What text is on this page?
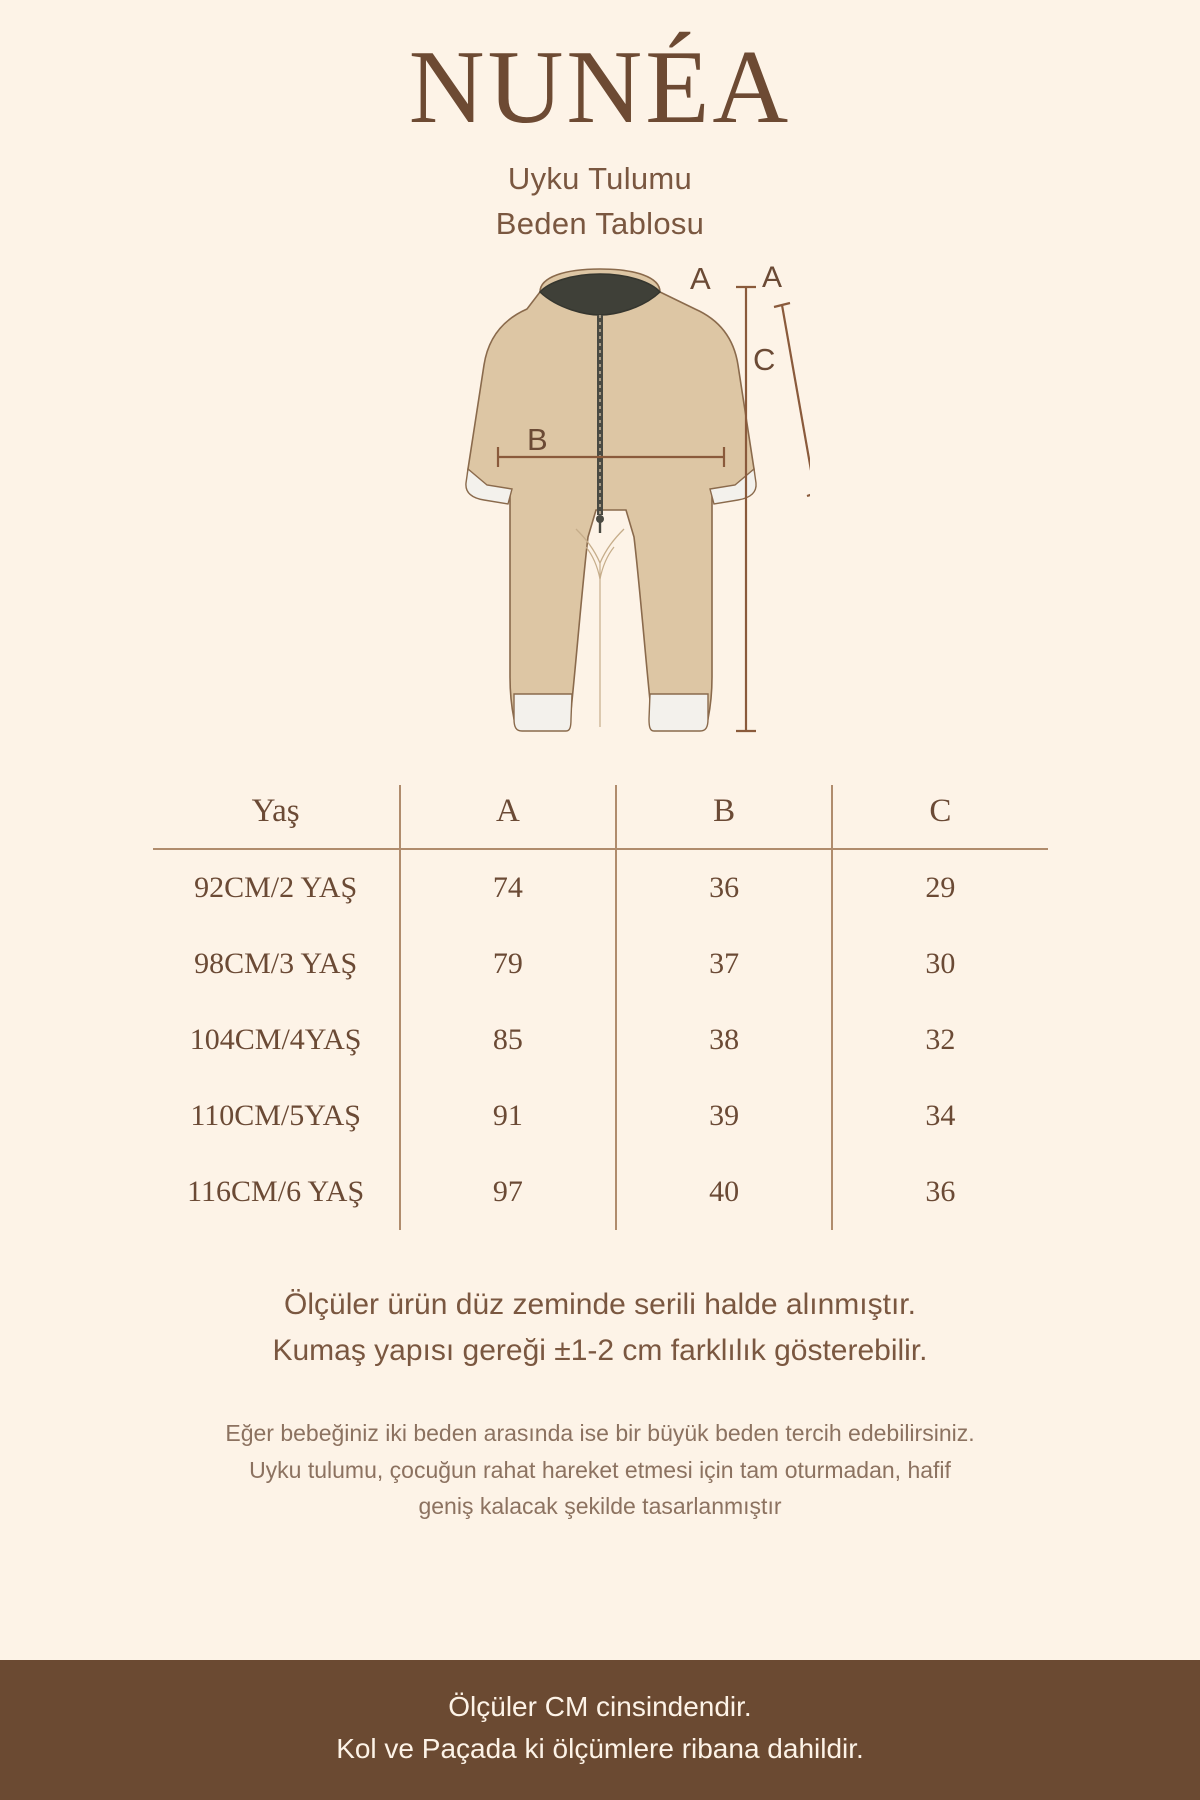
NUNÉA
Uyku Tulumu
Beden Tablosu
A
A
C
B
Yaş	A	B	C
92CM/2 YAŞ	74	36	29
98CM/3 YAŞ	79	37	30
104CM/4YAŞ	85	38	32
110CM/5YAŞ	91	39	34
116CM/6 YAŞ	97	40	36
Ölçüler ürün düz zeminde serili halde alınmıştır.
Kumaş yapısı gereği ±1-2 cm farklılık gösterebilir.
Eğer bebeğiniz iki beden arasında ise bir büyük beden tercih edebilirsiniz.
Uyku tulumu, çocuğun rahat hareket etmesi için tam oturmadan, hafif
geniş kalacak şekilde tasarlanmıştır
Ölçüler CM cinsindendir.
Kol ve Paçada ki ölçümlere ribana dahildir.
